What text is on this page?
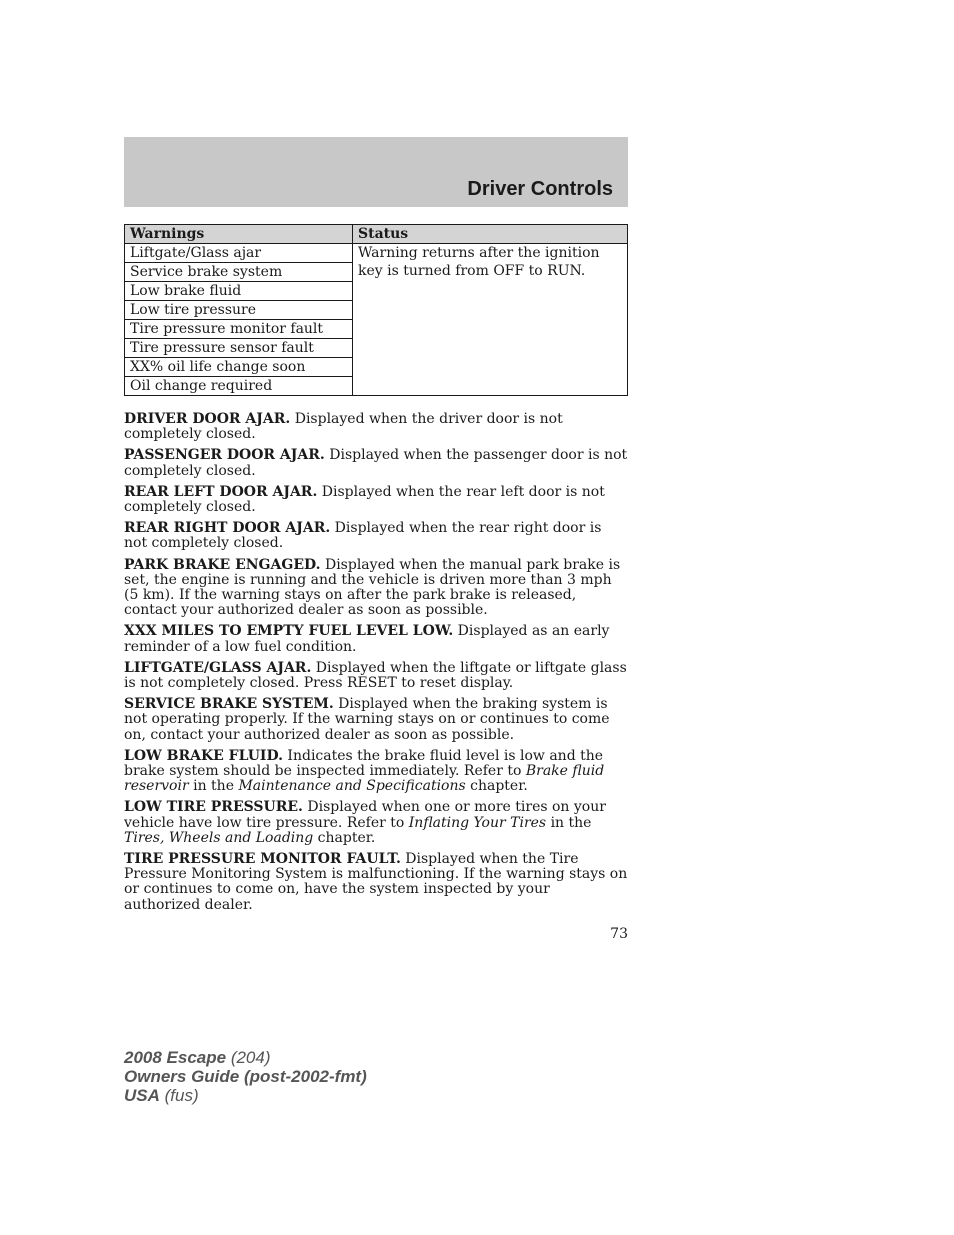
Driver Controls
Warnings	Status
Liftgate/Glass ajar	Warning returns after the ignition key is turned from OFF to RUN.
Service brake system	
Low brake fluid	
Low tire pressure	
Tire pressure monitor fault	
Tire pressure sensor fault	
XX% oil life change soon	
Oil change required	

DRIVER DOOR AJAR. Displayed when the driver door is not completely closed.

PASSENGER DOOR AJAR. Displayed when the passenger door is not completely closed.

REAR LEFT DOOR AJAR. Displayed when the rear left door is not completely closed.

REAR RIGHT DOOR AJAR. Displayed when the rear right door is not completely closed.

PARK BRAKE ENGAGED. Displayed when the manual park brake is set, the engine is running and the vehicle is driven more than 3 mph (5 km). If the warning stays on after the park brake is released, contact your authorized dealer as soon as possible.

XXX MILES TO EMPTY FUEL LEVEL LOW. Displayed as an early reminder of a low fuel condition.

LIFTGATE/GLASS AJAR. Displayed when the liftgate or liftgate glass is not completely closed. Press RESET to reset display.

SERVICE BRAKE SYSTEM. Displayed when the braking system is not operating properly. If the warning stays on or continues to come on, contact your authorized dealer as soon as possible.

LOW BRAKE FLUID. Indicates the brake fluid level is low and the brake system should be inspected immediately. Refer to Brake fluid reservoir in the Maintenance and Specifications chapter.

LOW TIRE PRESSURE. Displayed when one or more tires on your vehicle have low tire pressure. Refer to Inflating Your Tires in the Tires, Wheels and Loading chapter.

TIRE PRESSURE MONITOR FAULT. Displayed when the Tire Pressure Monitoring System is malfunctioning. If the warning stays on or continues to come on, have the system inspected by your authorized dealer.

73
2008 Escape (204)
Owners Guide (post-2002-fmt)
USA (fus)
